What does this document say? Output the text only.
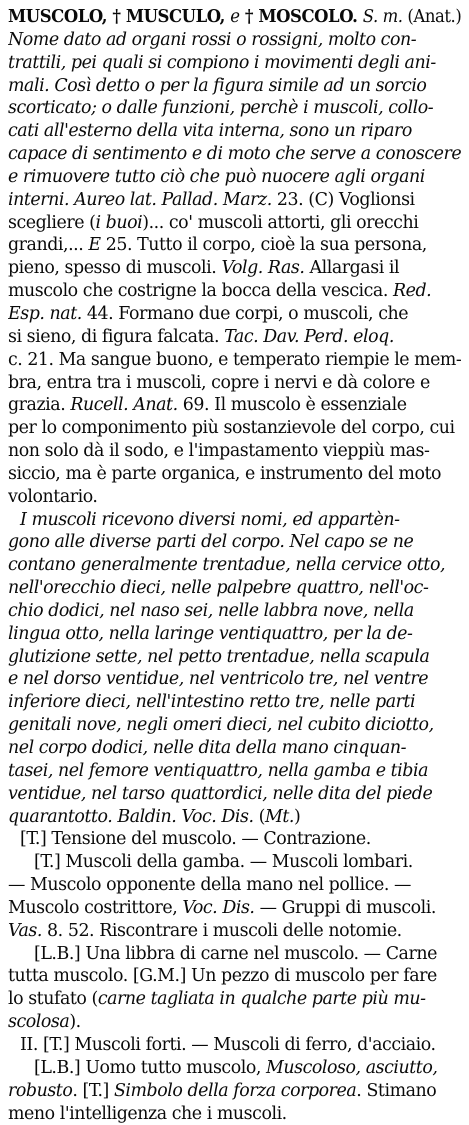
MUSCOLO, † MUSCULO, e † MOSCOLO. S. m. (Anat.)
Nome dato ad organi rossi o rossigni, molto con-
trattili, pei quali si compiono i movimenti degli ani-
mali. Così detto o per la figura simile ad un sorcio
scorticato; o dalle funzioni, perchè i muscoli, collo-
cati all'esterno della vita interna, sono un riparo
capace di sentimento e di moto che serve a conoscere
e rimuovere tutto ciò che può nuocere agli organi
interni. Aureo lat. Pallad. Marz. 23. (C) Voglionsi
scegliere (i buoi)... co' muscoli attorti, gli orecchi
grandi,... E 25. Tutto il corpo, cioè la sua persona,
pieno, spesso di muscoli. Volg. Ras. Allargasi il
muscolo che costrigne la bocca della vescica. Red.
Esp. nat. 44. Formano due corpi, o muscoli, che
si sieno, di figura falcata. Tac. Dav. Perd. eloq.
c. 21. Ma sangue buono, e temperato riempie le mem-
bra, entra tra i muscoli, copre i nervi e dà colore e
grazia. Rucell. Anat. 69. Il muscolo è essenziale
per lo componimento più sostanzievole del corpo, cui
non solo dà il sodo, e l'impastamento vieppiù mas-
siccio, ma è parte organica, e instrumento del moto
volontario.
I muscoli ricevono diversi nomi, ed appartèn-
gono alle diverse parti del corpo. Nel capo se ne
contano generalmente trentadue, nella cervice otto,
nell'orecchio dieci, nelle palpebre quattro, nell'oc-
chio dodici, nel naso sei, nelle labbra nove, nella
lingua otto, nella laringe ventiquattro, per la de-
glutizione sette, nel petto trentadue, nella scapula
e nel dorso ventidue, nel ventricolo tre, nel ventre
inferiore dieci, nell'intestino retto tre, nelle parti
genitali nove, negli omeri dieci, nel cubito diciotto,
nel corpo dodici, nelle dita della mano cinquan-
tasei, nel femore ventiquattro, nella gamba e tibia
ventidue, nel tarso quattordici, nelle dita del piede
quarantotto. Baldin. Voc. Dis. (Mt.)
[T.] Tensione del muscolo. — Contrazione.
[T.] Muscoli della gamba. — Muscoli lombari.
— Muscolo opponente della mano nel pollice. —
Muscolo costrittore, Voc. Dis. — Gruppi di muscoli.
Vas. 8. 52. Riscontrare i muscoli delle notomie.
[L.B.] Una libbra di carne nel muscolo. — Carne
tutta muscolo. [G.M.] Un pezzo di muscolo per fare
lo stufato (carne tagliata in qualche parte più mu-
scolosa).
II. [T.] Muscoli forti. — Muscoli di ferro, d'acciaio.
[L.B.] Uomo tutto muscolo, Muscoloso, asciutto,
robusto. [T.] Simbolo della forza corporea. Stimano
meno l'intelligenza che i muscoli.
